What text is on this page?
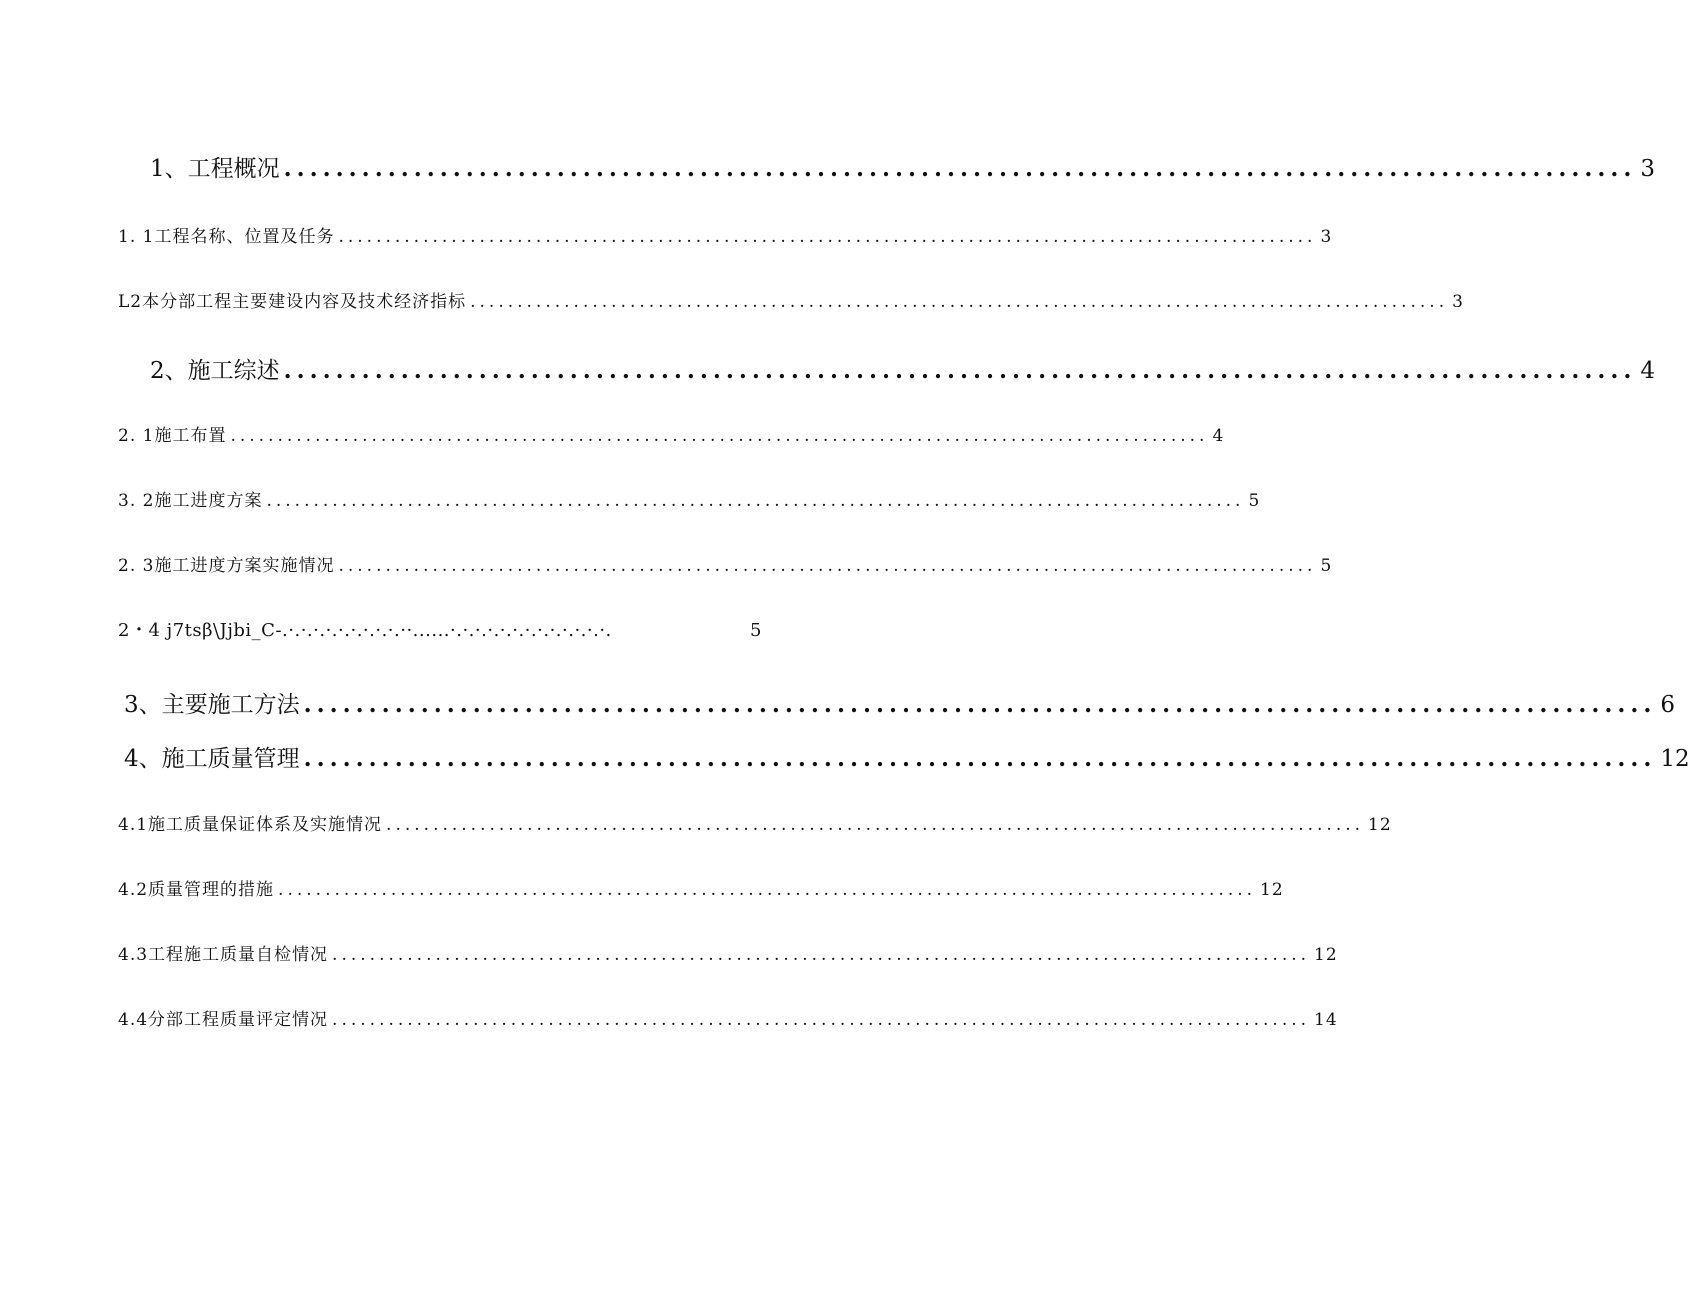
1、工程概况 ........................................................................................................ 3
1. 1工程名称、位置及任务 ........................................................................................................ 3
L2本分部工程主要建设内容及技术经济指标 ........................................................................................................ 3
2、施工综述 ........................................................................................................ 4
2. 1施工布置 ........................................................................................................ 4
3. 2施工进度方案 ........................................................................................................ 5
2. 3施工进度方案实施情况 ........................................................................................................ 5
2・4 j7tsβ\Jjbi_C-.·.·.·.·.·.·.·.·.·.··......·.·.·.·.·.·.·.·.·.·.·.·.·.	5
3、主要施工方法 ........................................................................................................ 6
4、施工质量管理 ........................................................................................................ 12
4.1施工质量保证体系及实施情况 ........................................................................................................ 12
4.2质量管理的措施 ........................................................................................................ 12
4.3工程施工质量自检情况 ........................................................................................................ 12
4.4分部工程质量评定情况 ........................................................................................................ 14
